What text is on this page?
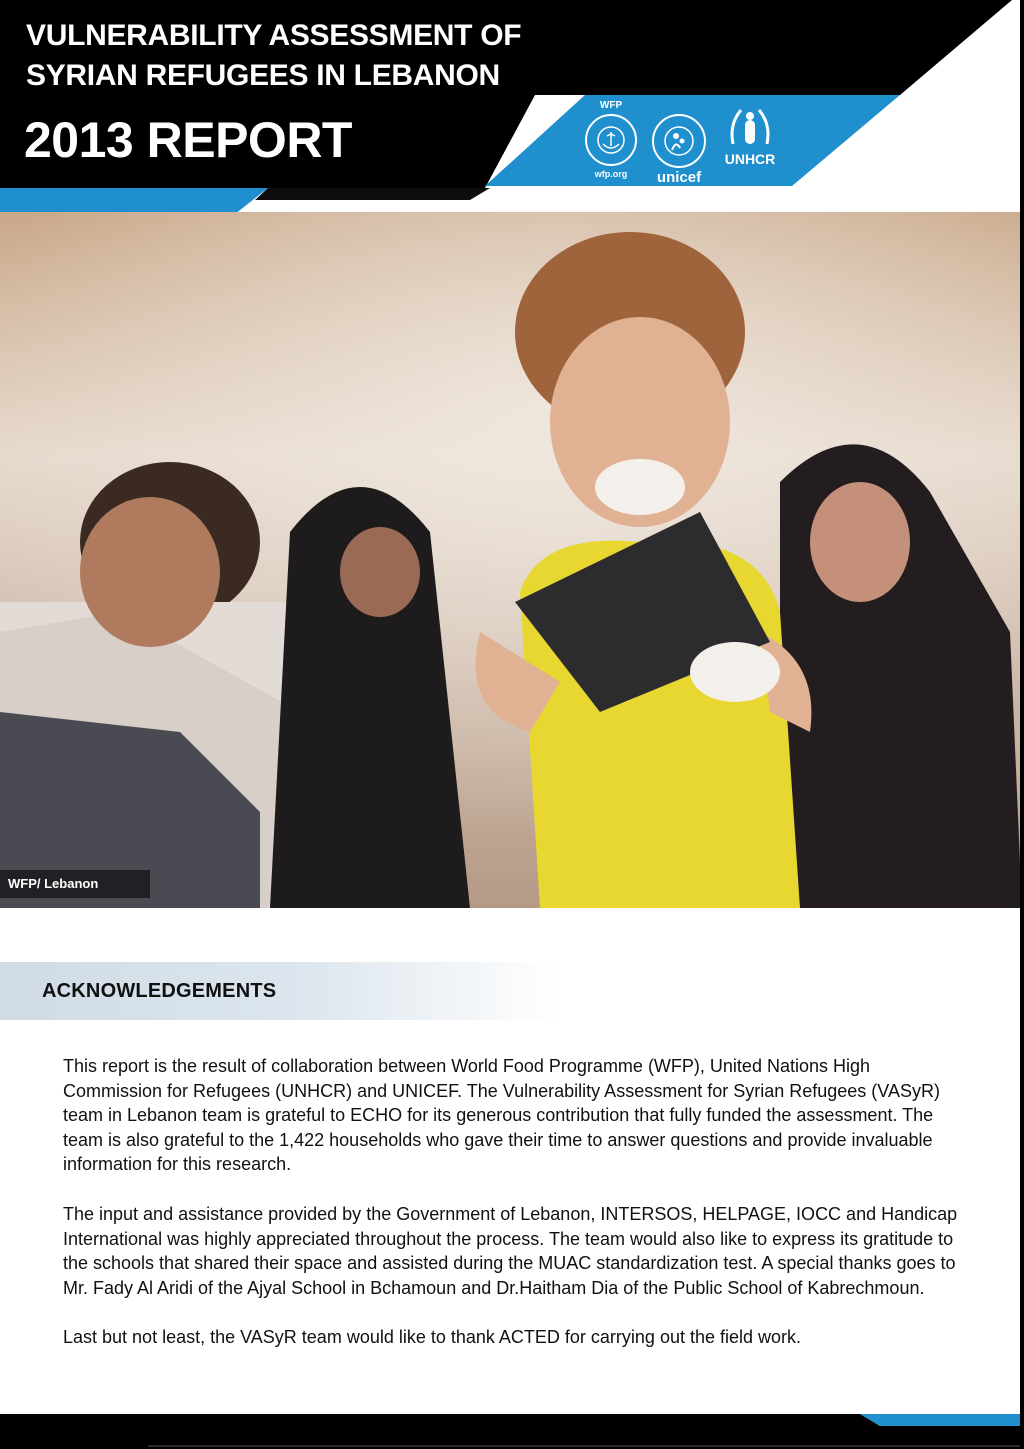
VULNERABILITY ASSESSMENT OF
SYRIAN REFUGEES IN LEBANON
2013 REPORT
WFP
wfp.org	unicef
UNHCR
WFP/ Lebanon
ACKNOWLEDGEMENTS

This report is the result of collaboration between World Food Programme (WFP), United Nations High Commission for Refugees (UNHCR) and UNICEF. The Vulnerability Assessment for Syrian Refugees (VASyR) team in Lebanon team is grateful to ECHO for its generous contribution that fully funded the assessment. The team is also grateful to the 1,422 households who gave their time to answer questions and provide invaluable information for this research.

The input and assistance provided by the Government of Lebanon, INTERSOS, HELPAGE, IOCC and Handicap International was highly appreciated throughout the process. The team would also like to express its gratitude to the schools that shared their space and assisted during the MUAC standardization test. A special thanks goes to Mr. Fady Al Aridi of the Ajyal School in Bchamoun and Dr.Haitham Dia of the Public School of Kabrechmoun.

Last but not least, the VASyR team would like to thank ACTED for carrying out the field work.
